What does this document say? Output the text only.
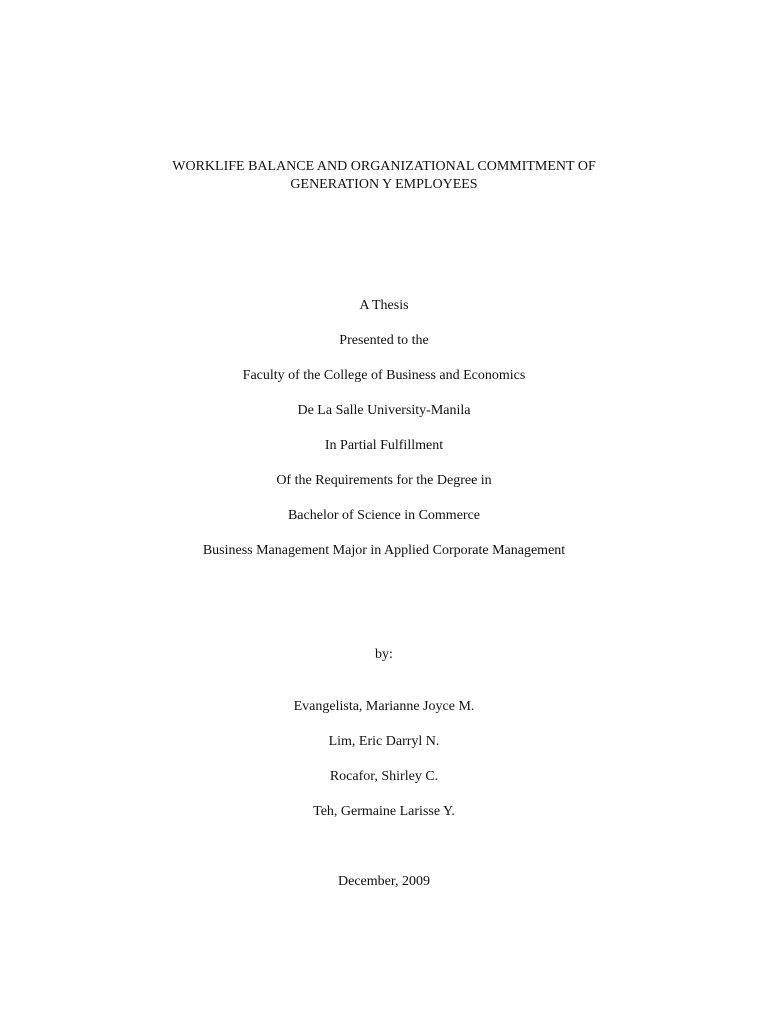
WORKLIFE BALANCE AND ORGANIZATIONAL COMMITMENT OF
GENERATION Y EMPLOYEES
A Thesis
Presented to the
Faculty of the College of Business and Economics
De La Salle University-Manila
In Partial Fulfillment
Of the Requirements for the Degree in
Bachelor of Science in Commerce
Business Management Major in Applied Corporate Management
by:
Evangelista, Marianne Joyce M.
Lim, Eric Darryl N.
Rocafor, Shirley C.
Teh, Germaine Larisse Y.
December, 2009
